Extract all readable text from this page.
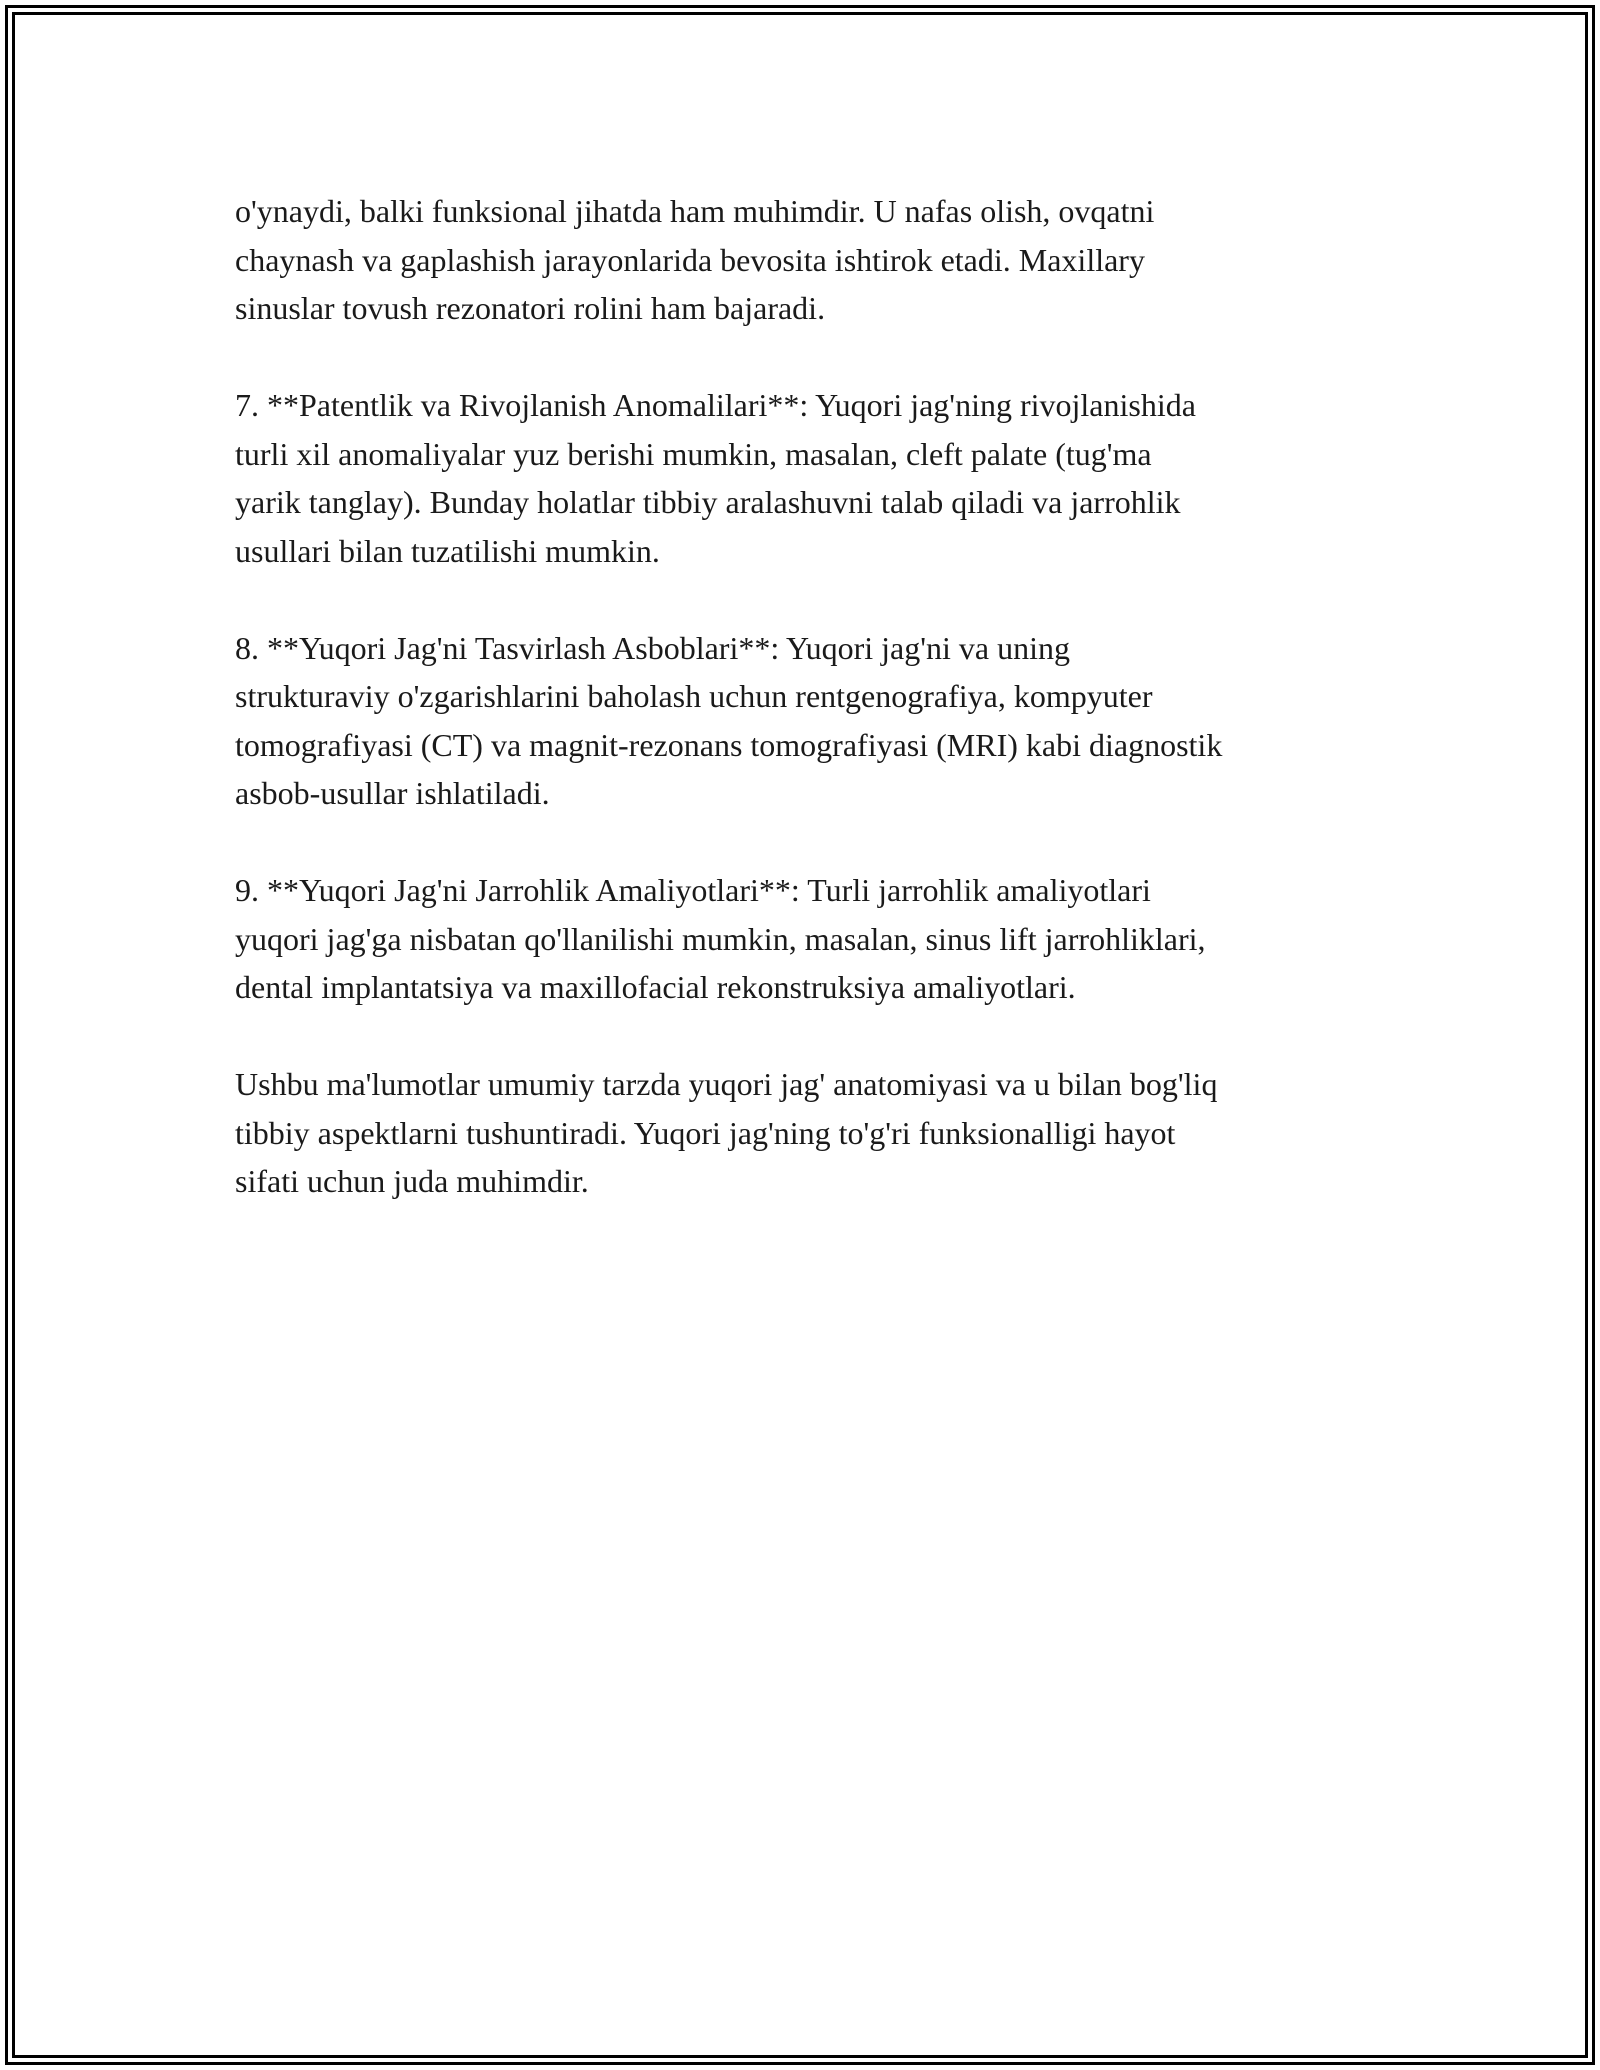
o'ynaydi, balki funksional jihatda ham muhimdir. U nafas olish, ovqatni
chaynash va gaplashish jarayonlarida bevosita ishtirok etadi. Maxillary
sinuslar tovush rezonatori rolini ham bajaradi.

7. **Patentlik va Rivojlanish Anomalilari**: Yuqori jag'ning rivojlanishida
turli xil anomaliyalar yuz berishi mumkin, masalan, cleft palate (tug'ma
yarik tanglay). Bunday holatlar tibbiy aralashuvni talab qiladi va jarrohlik
usullari bilan tuzatilishi mumkin.

8. **Yuqori Jag'ni Tasvirlash Asboblari**: Yuqori jag'ni va uning
strukturaviy o'zgarishlarini baholash uchun rentgenografiya, kompyuter
tomografiyasi (CT) va magnit-rezonans tomografiyasi (MRI) kabi diagnostik
asbob-usullar ishlatiladi.

9. **Yuqori Jag'ni Jarrohlik Amaliyotlari**: Turli jarrohlik amaliyotlari
yuqori jag'ga nisbatan qo'llanilishi mumkin, masalan, sinus lift jarrohliklari,
dental implantatsiya va maxillofacial rekonstruksiya amaliyotlari.

Ushbu ma'lumotlar umumiy tarzda yuqori jag' anatomiyasi va u bilan bog'liq
tibbiy aspektlarni tushuntiradi. Yuqori jag'ning to'g'ri funksionalligi hayot
sifati uchun juda muhimdir.
